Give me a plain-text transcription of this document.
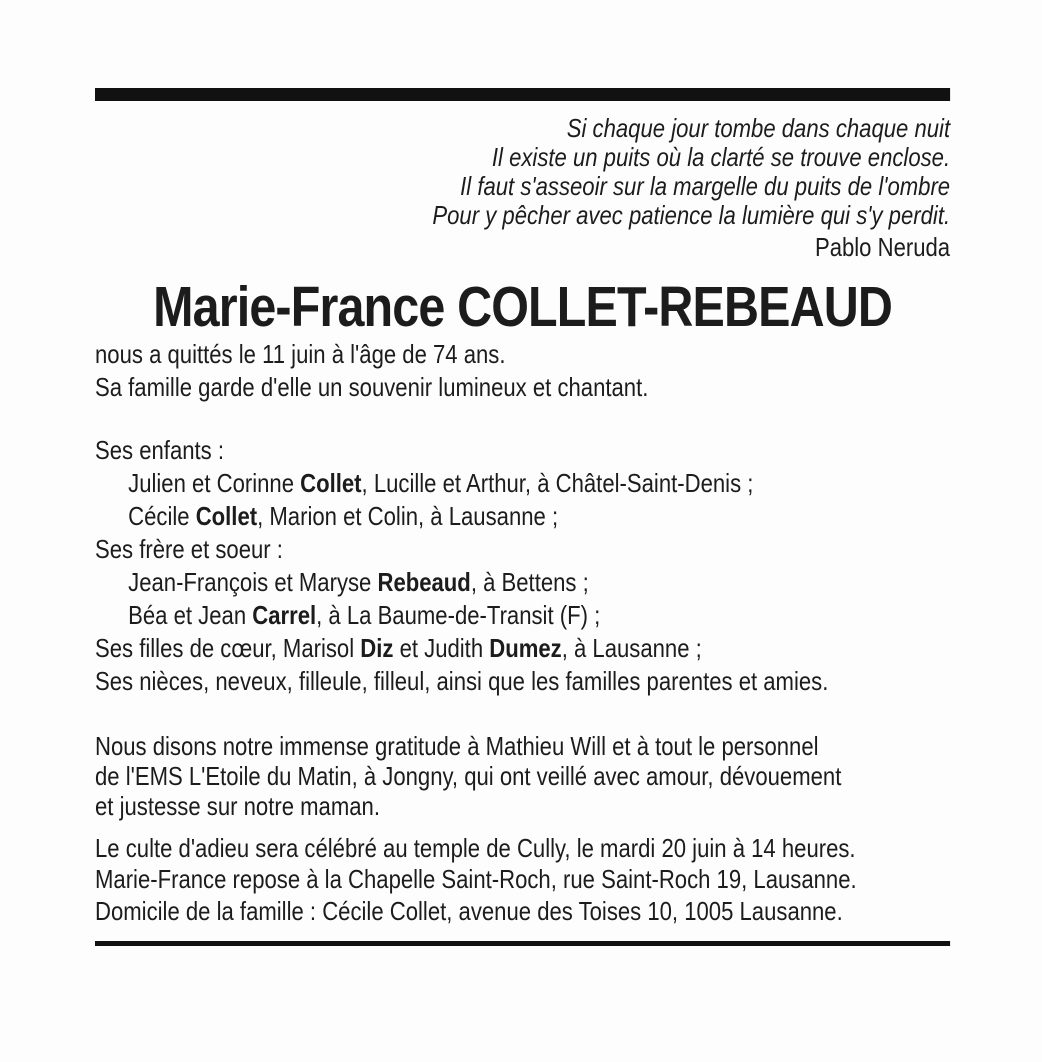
Si chaque jour tombe dans chaque nuit
Il existe un puits où la clarté se trouve enclose.
Il faut s'asseoir sur la margelle du puits de l'ombre
Pour y pêcher avec patience la lumière qui s'y perdit.
Pablo Neruda
Marie-France COLLET-REBEAUD

nous a quittés le 11 juin à l'âge de 74 ans.

Sa famille garde d'elle un souvenir lumineux et chantant.

Ses enfants :

Julien et Corinne Collet, Lucille et Arthur, à Châtel-Saint-Denis ;

Cécile Collet, Marion et Colin, à Lausanne ;

Ses frère et soeur :

Jean-François et Maryse Rebeaud, à Bettens ;

Béa et Jean Carrel, à La Baume-de-Transit (F) ;

Ses filles de cœur, Marisol Diz et Judith Dumez, à Lausanne ;

Ses nièces, neveux, filleule, filleul, ainsi que les familles parentes et amies.

Nous disons notre immense gratitude à Mathieu Will et à tout le personnel

de l'EMS L'Etoile du Matin, à Jongny, qui ont veillé avec amour, dévouement

et justesse sur notre maman.

Le culte d'adieu sera célébré au temple de Cully, le mardi 20 juin à 14 heures.

Marie-France repose à la Chapelle Saint-Roch, rue Saint-Roch 19, Lausanne.

Domicile de la famille : Cécile Collet, avenue des Toises 10, 1005 Lausanne.
